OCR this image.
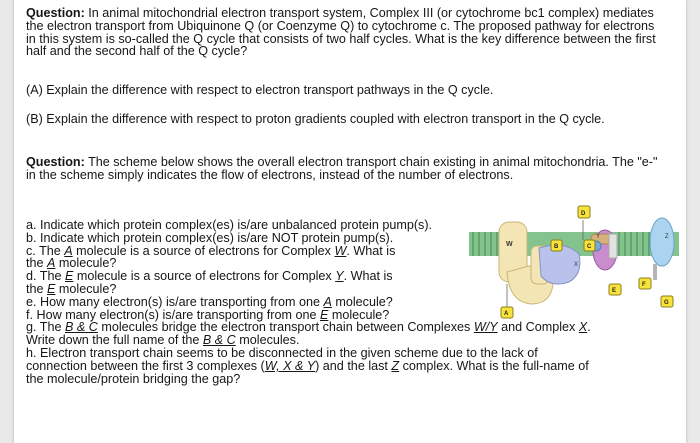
Question: In animal mitochondrial electron transport system, Complex III (or cytochrome bc1 complex) mediates the electron transport from Ubiquinone Q (or Coenzyme Q) to cytochrome c. The proposed pathway for electrons in this system is so-called the Q cycle that consists of two half cycles. What is the key difference between the first half and the second half of the Q cycle?
(A) Explain the difference with respect to electron transport pathways in the Q cycle.
(B) Explain the difference with respect to proton gradients coupled with electron transport in the Q cycle.
Question: The scheme below shows the overall electron transport chain existing in animal mitochondria. The "e-" in the scheme simply indicates the flow of electrons, instead of the number of electrons.
a. Indicate which protein complex(es) is/are unbalanced protein pump(s).
b. Indicate which protein complex(es) is/are NOT protein pump(s).
c. The A molecule is a source of electrons for Complex W. What is
the A molecule?
d. The E molecule is a source of electrons for Complex Y. What is
the E molecule?
e. How many electron(s) is/are transporting from one A molecule?
f. How many electron(s) is/are transporting from one E molecule?
g. The B & C molecules bridge the electron transport chain between Complexes W/Y and Complex X.
Write down the full name of the B & C molecules.
h. Electron transport chain seems to be disconnected in the given scheme due to the lack of
connection between the first 3 complexes (W, X & Y) and the last Z complex. What is the full-name of
the molecule/protein bridging the gap?
W
X
Y	Z
D
B	C
E
F
G
A
